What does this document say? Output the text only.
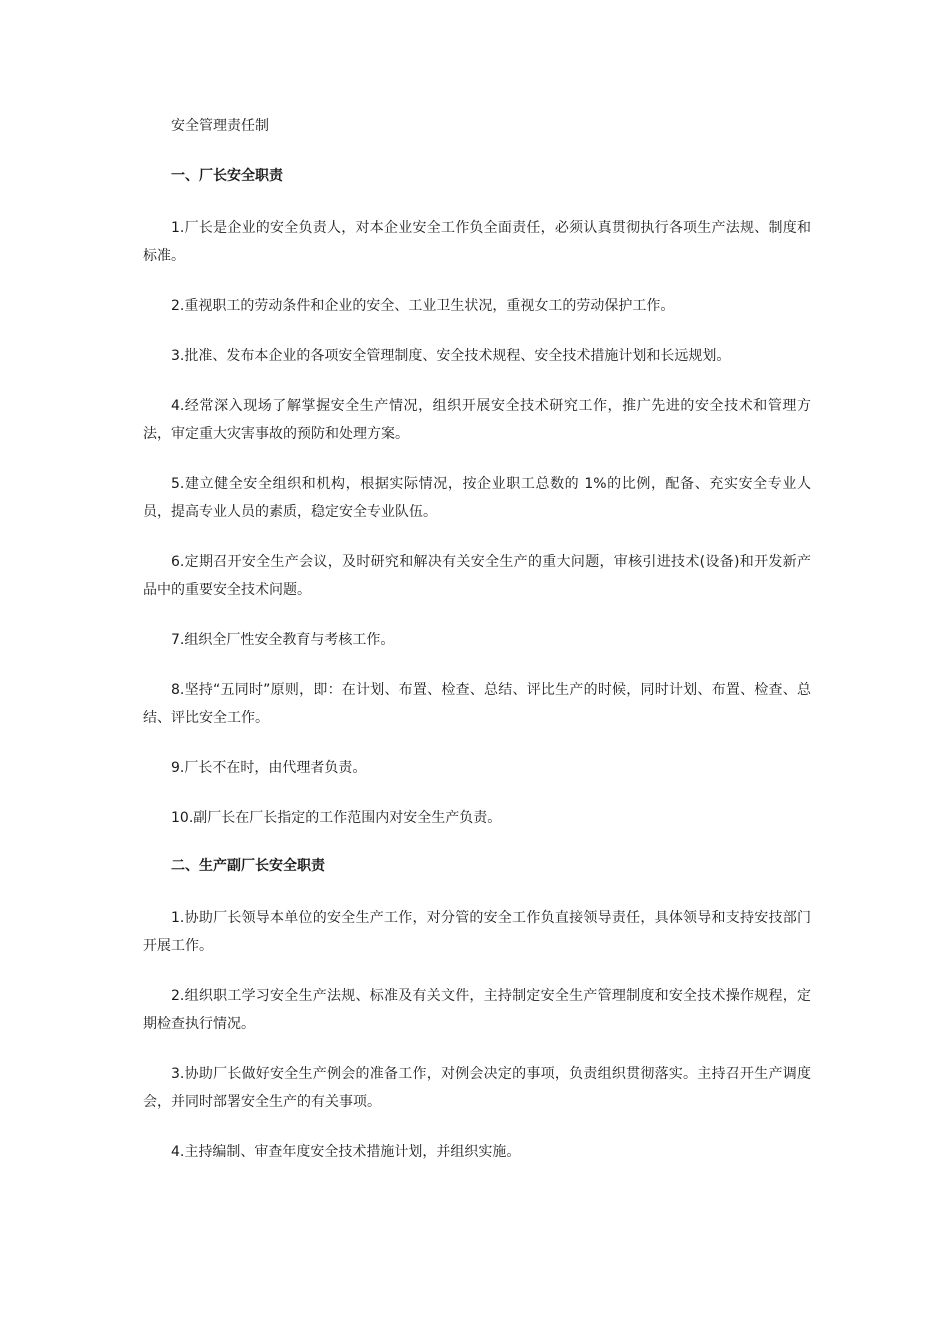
安全管理责任制

一、厂长安全职责

1.厂长是企业的安全负责人，对本企业安全工作负全面责任，必须认真贯彻执行各项生产法规、制度和标准。

2.重视职工的劳动条件和企业的安全、工业卫生状况，重视女工的劳动保护工作。

3.批准、发布本企业的各项安全管理制度、安全技术规程、安全技术措施计划和长远规划。

4.经常深入现场了解掌握安全生产情况，组织开展安全技术研究工作，推广先进的安全技术和管理方法，审定重大灾害事故的预防和处理方案。

5.建立健全安全组织和机构，根据实际情况，按企业职工总数的 1%的比例，配备、充实安全专业人员，提高专业人员的素质，稳定安全专业队伍。

6.定期召开安全生产会议，及时研究和解决有关安全生产的重大问题，审核引进技术(设备)和开发新产品中的重要安全技术问题。

7.组织全厂性安全教育与考核工作。

8.坚持“五同时”原则，即：在计划、布置、检查、总结、评比生产的时候，同时计划、布置、检查、总结、评比安全工作。

9.厂长不在时，由代理者负责。

10.副厂长在厂长指定的工作范围内对安全生产负责。

二、生产副厂长安全职责

1.协助厂长领导本单位的安全生产工作，对分管的安全工作负直接领导责任，具体领导和支持安技部门开展工作。

2.组织职工学习安全生产法规、标准及有关文件，主持制定安全生产管理制度和安全技术操作规程，定期检查执行情况。

3.协助厂长做好安全生产例会的准备工作，对例会决定的事项，负责组织贯彻落实。主持召开生产调度会，并同时部署安全生产的有关事项。

4.主持编制、审查年度安全技术措施计划，并组织实施。
